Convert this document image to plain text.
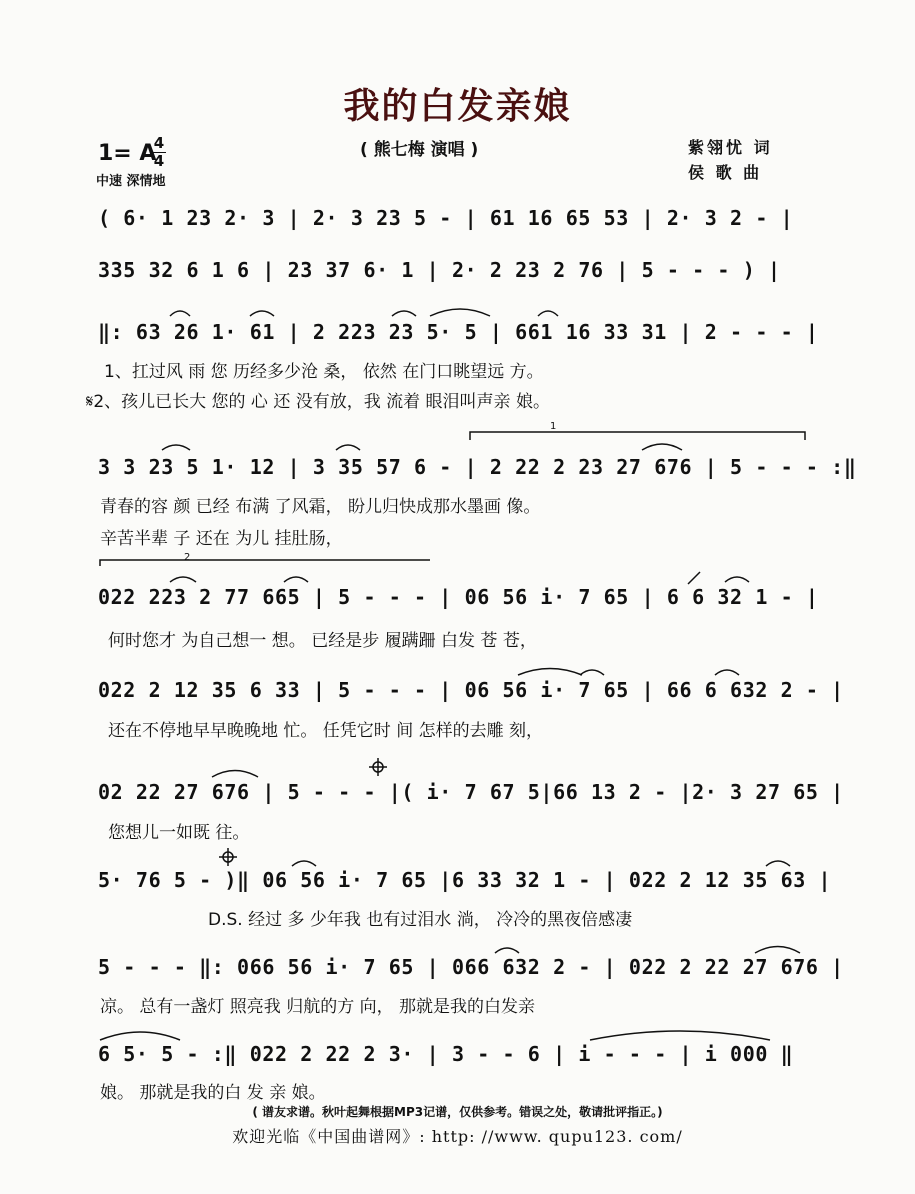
我的白发亲娘
1= A
4
4
中速 深情地
( 熊七梅 演唱 )	紫翎忧 词
侯 歌 曲
( 6· 1 23 2· 3 | 2· 3 23 5 - | 61 16 65 53 | 2· 3 2 - |
335 32 6 1 6 | 23 37 6· 1 | 2· 2 23 2 76 | 5 - - - ) |
‖: 63 26 1· 61 | 2 223 23 5· 5 | 661 16 33 31 | 2 - - - |
3 3 23 5 1· 12 | 3 35 57 6 - | 2 22 2 23 27 676 | 5 - - - :‖
022 223 2 77 665 | 5 - - - | 06 56 i· 7 65 | 6 6 32 1 - |
022 2 12 35 6 33 | 5 - - - | 06 56 i· 7 65 | 66 6 632 2 - |
02 22 27 676 | 5 - - - |( i· 7 67 5|66 13 2 - |2· 3 27 65 |
5· 76 5 - )‖ 06 56 i· 7 65 |6 33 32 1 - | 022 2 12 35 63 |
5 - - - ‖: 066 56 i· 7 65 | 066 632 2 - | 022 2 22 27 676 |
6 5· 5 - :‖ 022 2 22 2 3· | 3 - - 6 | i - - - | i 000 ‖
1、扛过风 雨 您 历经多少沧 桑， 依然 在门口眺望远 方。
𝄋2、孩儿已长大 您的 心 还 没有放，我 流着 眼泪叫声亲 娘。
青春的容 颜 已经 布满 了风霜， 盼儿归快成那水墨画 像。
辛苦半辈 子 还在 为儿 挂肚肠，
何时您才 为自己想一 想。 已经是步 履蹒跚 白发 苍 苍，
还在不停地早早晚晚地 忙。 任凭它时 间 怎样的去雕 刻，
您想儿一如既 往。
D.S. 经过 多 少年我 也有过泪水 淌， 冷冷的黑夜倍感凄
凉。 总有一盏灯 照亮我 归航的方 向， 那就是我的白发亲
娘。 那就是我的白 发 亲 娘。
1
2
( 谱友求谱。秋叶起舞根据MP3记谱，仅供参考。错误之处，敬请批评指正。)
欢迎光临《中国曲谱网》: http: //www. qupu123. com/
